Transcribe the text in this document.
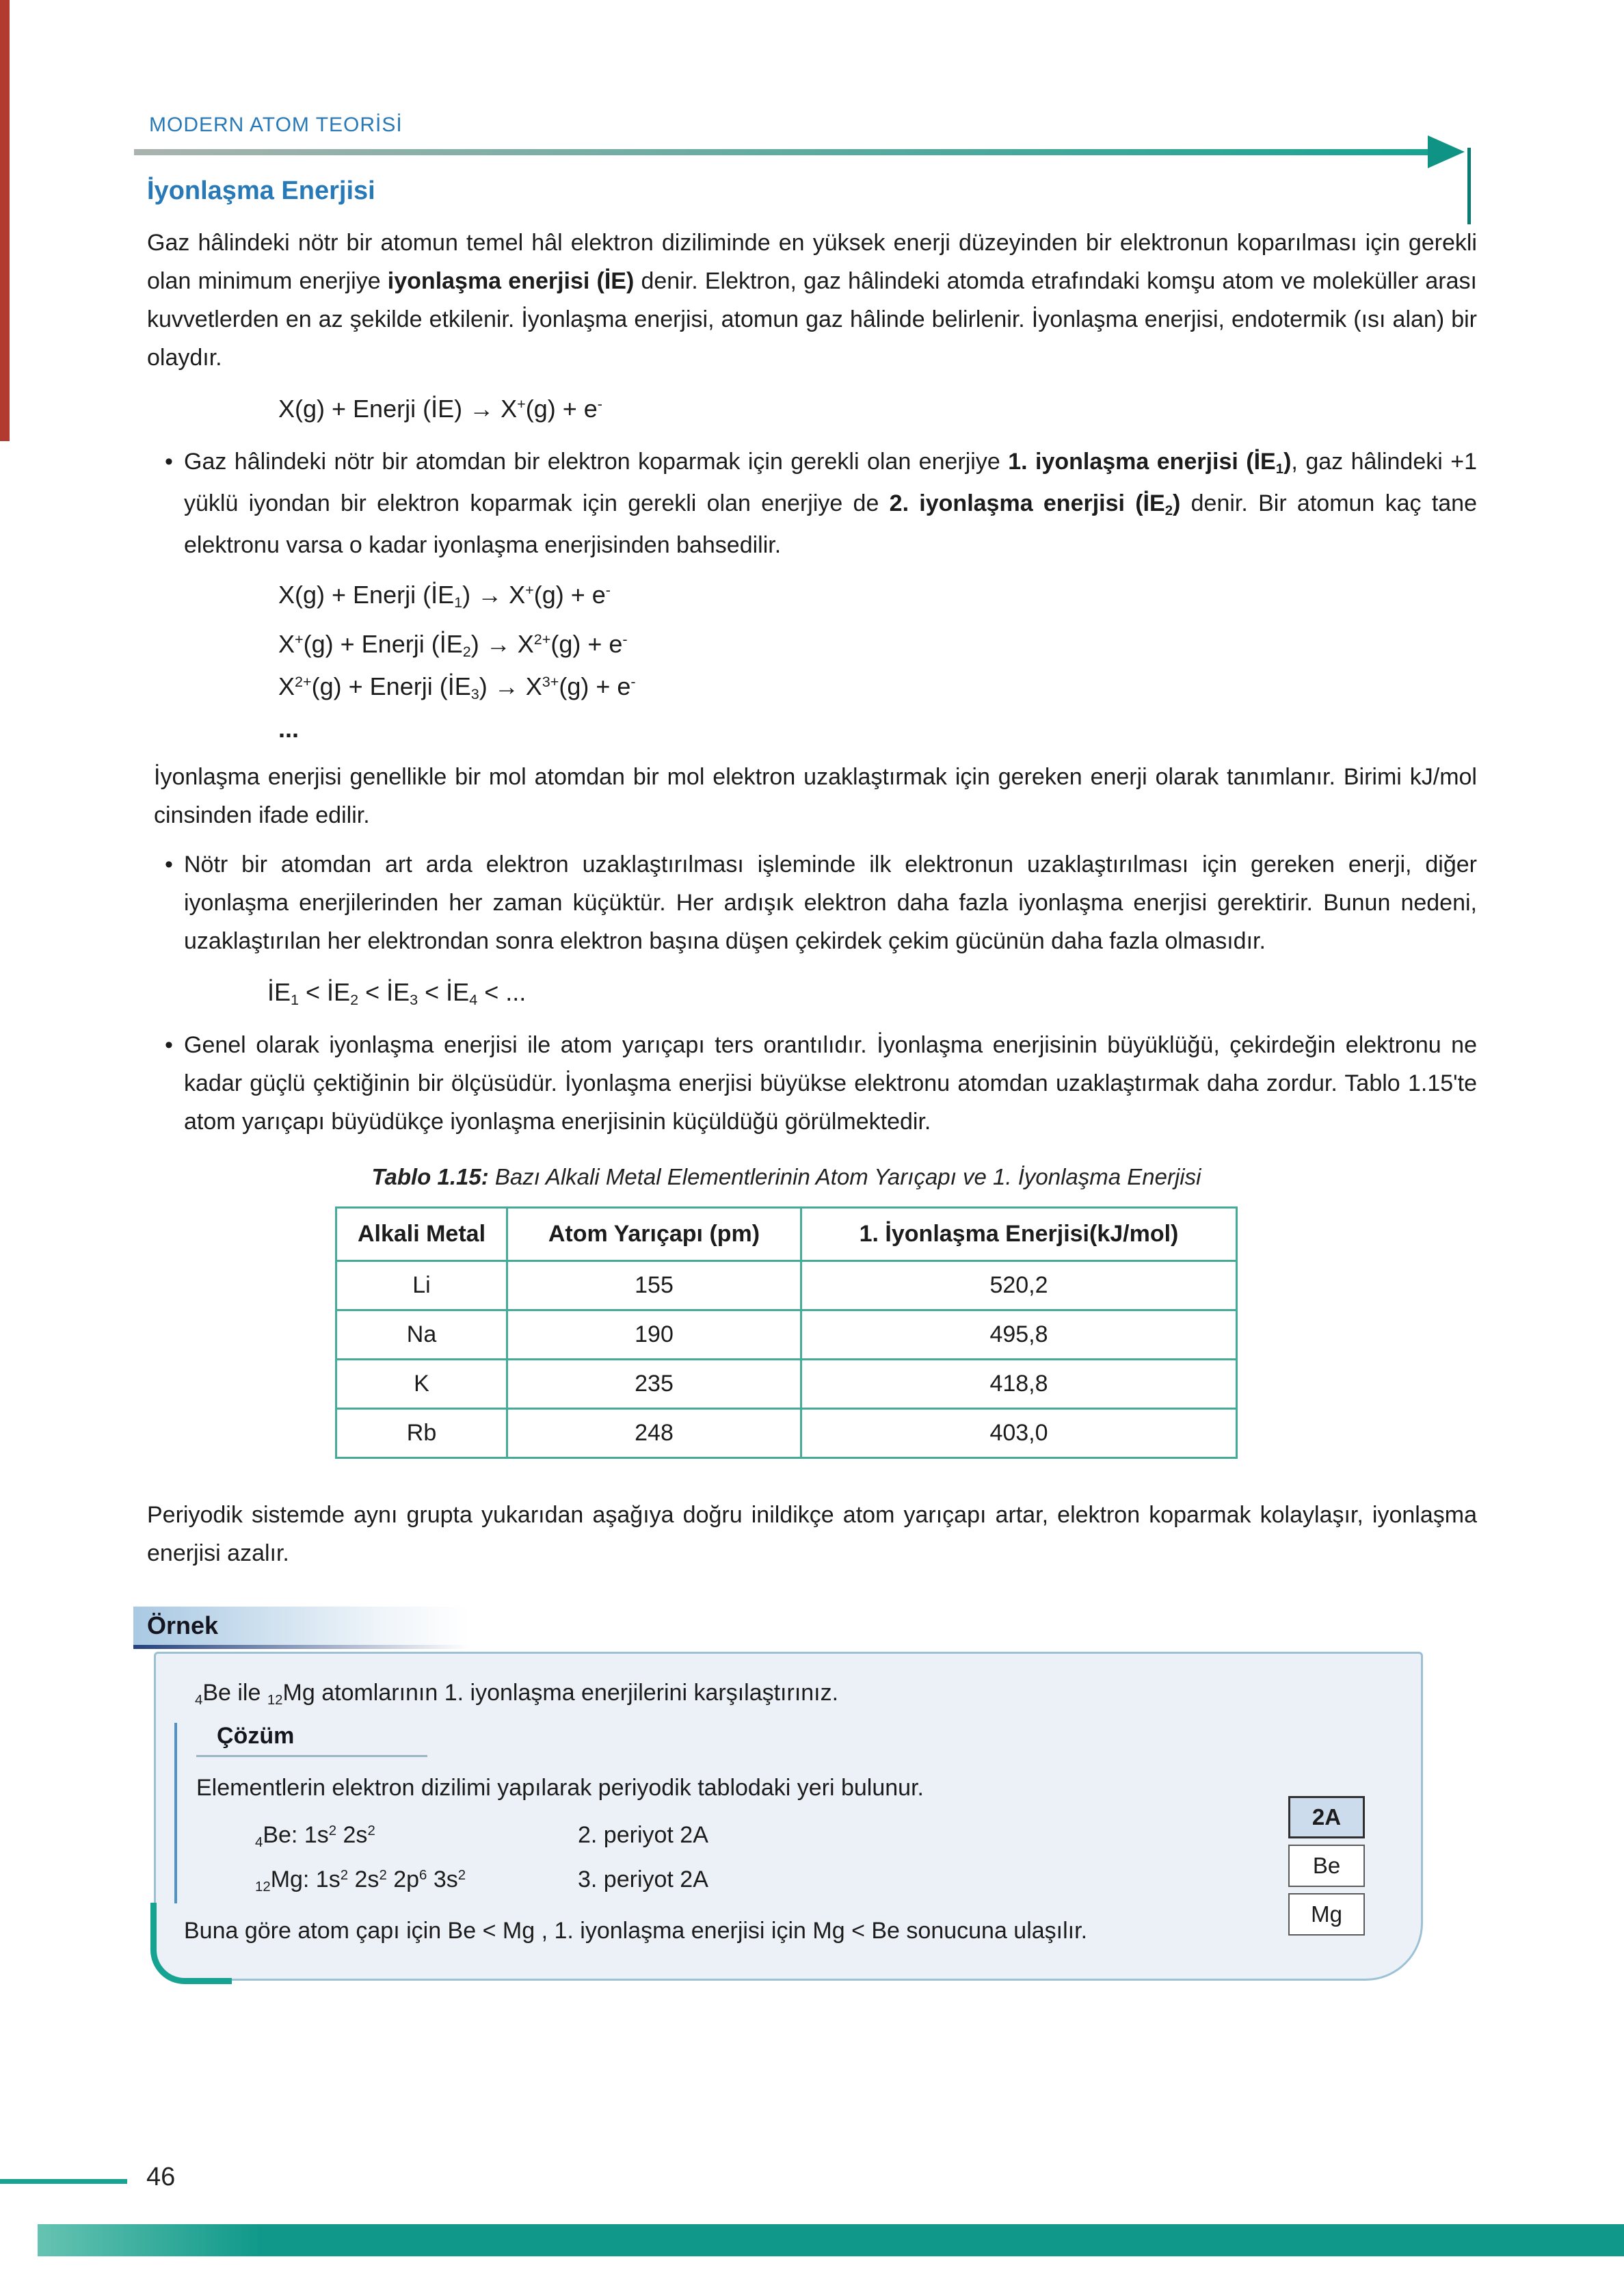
MODERN ATOM TEORİSİ
İyonlaşma Enerjisi

Gaz hâlindeki nötr bir atomun temel hâl elektron diziliminde en yüksek enerji düzeyinden bir elektronun koparılması için gerekli olan minimum enerjiye iyonlaşma enerjisi (İE) denir. Elektron, gaz hâlindeki atomda etrafındaki komşu atom ve moleküller arası kuvvetlerden en az şekilde etkilenir. İyonlaşma enerjisi, atomun gaz hâlinde belirlenir. İyonlaşma enerjisi, endotermik (ısı alan) bir olaydır.

X(g) + Enerji (İE) → X+(g) + e-
• Gaz hâlindeki nötr bir atomdan bir elektron koparmak için gerekli olan enerjiye 1. iyonlaşma enerjisi $(İE_1)$, gaz hâlindeki +1 yüklü iyondan bir elektron koparmak için gerekli olan enerjiye de 2. iyonlaşma enerjisi $(İE_2)$ denir. Bir atomun kaç tane elektronu varsa o kadar iyonlaşma enerjisinden bahsedilir.
X(g) + Enerji $(İE_1) \to X^+(g) + e^-$
X+(g) + Enerji $(İE_2) \to X^{2+}(g) + e^-$
$X^{2+}(g)$ + Enerji $(İE_3) \to X^{3+}(g) + e^-$
...

İyonlaşma enerjisi genellikle bir mol atomdan bir mol elektron uzaklaştırmak için gereken enerji olarak tanımlanır. Birimi kJ/mol cinsinden ifade edilir.

• Nötr bir atomdan art arda elektron uzaklaştırılması işleminde ilk elektronun uzaklaştırılması için gereken enerji, diğer iyonlaşma enerjilerinden her zaman küçüktür. Her ardışık elektron daha fazla iyonlaşma enerjisi gerektirir. Bunun nedeni, uzaklaştırılan her elektrondan sonra elektron başına düşen çekirdek çekim gücünün daha fazla olmasıdır.
$İE_1$ < $İE_2$ < $İE_3$ < $İE_4$ < ...
• Genel olarak iyonlaşma enerjisi ile atom yarıçapı ters orantılıdır. İyonlaşma enerjisinin büyüklüğü, çekirdeğin elektronu ne kadar güçlü çektiğinin bir ölçüsüdür. İyonlaşma enerjisi büyükse elektronu atomdan uzaklaştırmak daha zordur. Tablo 1.15'te atom yarıçapı büyüdükçe iyonlaşma enerjisinin küçüldüğü görülmektedir.
Tablo 1.15: Bazı Alkali Metal Elementlerinin Atom Yarıçapı ve 1. İyonlaşma Enerjisi
Alkali Metal	Atom Yarıçapı (pm)	1. İyonlaşma Enerjisi(kJ/mol)
Li	155	520,2
Na	190	495,8
K	235	418,8
Rb	248	403,0

Periyodik sistemde aynı grupta yukarıdan aşağıya doğru inildikçe atom yarıçapı artar, elektron koparmak kolaylaşır, iyonlaşma enerjisi azalır.

Örnek
$_4$Be ile $_{12}$Mg atomlarının 1. iyonlaşma enerjilerini karşılaştırınız.
Çözüm
Elementlerin elektron dizilimi yapılarak periyodik tablodaki yeri bulunur.
$_4$Be: $1s^2$ $2s^2$	2. periyot 2A
$_{12}$Mg: $1s^2$ $2s^2$ $2p^6$ $3s^2$	3. periyot 2A
Buna göre atom çapı için Be < Mg , 1. iyonlaşma enerjisi için Mg < Be sonucuna ulaşılır.
2A
Be
Mg
46
